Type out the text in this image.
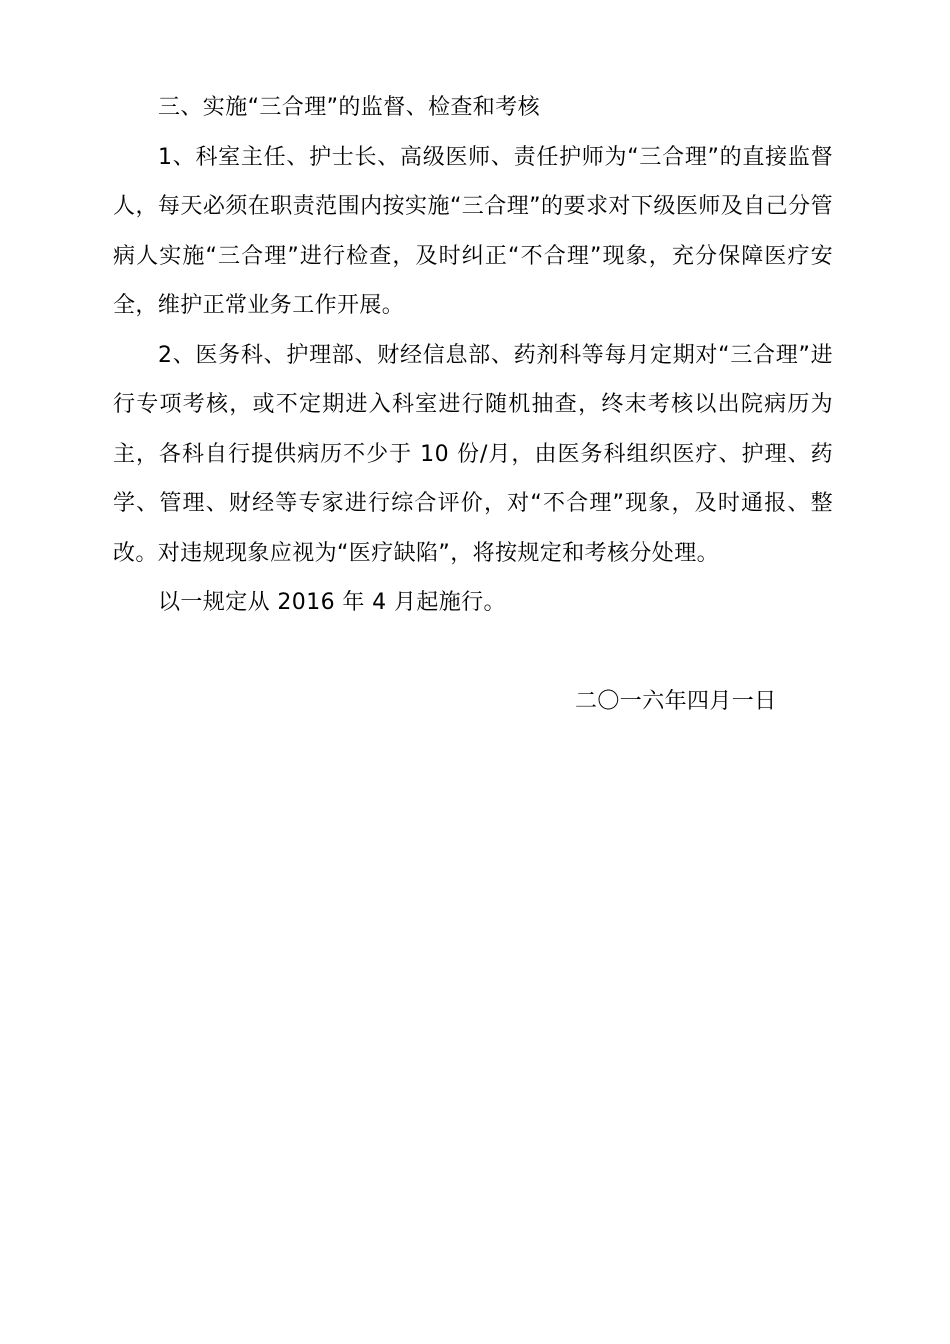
三、实施“三合理”的监督、检查和考核

1、科室主任、护士长、高级医师、责任护师为“三合理”的直接监督人，每天必须在职责范围内按实施“三合理”的要求对下级医师及自己分管病人实施“三合理”进行检查，及时纠正“不合理”现象，充分保障医疗安全，维护正常业务工作开展。

2、医务科、护理部、财经信息部、药剂科等每月定期对“三合理”进行专项考核，或不定期进入科室进行随机抽查，终末考核以出院病历为主，各科自行提供病历不少于 10 份/月，由医务科组织医疗、护理、药学、管理、财经等专家进行综合评价，对“不合理”现象，及时通报、整改。对违规现象应视为“医疗缺陷”，将按规定和考核分处理。

以一规定从 2016 年 4 月起施行。

二〇一六年四月一日
